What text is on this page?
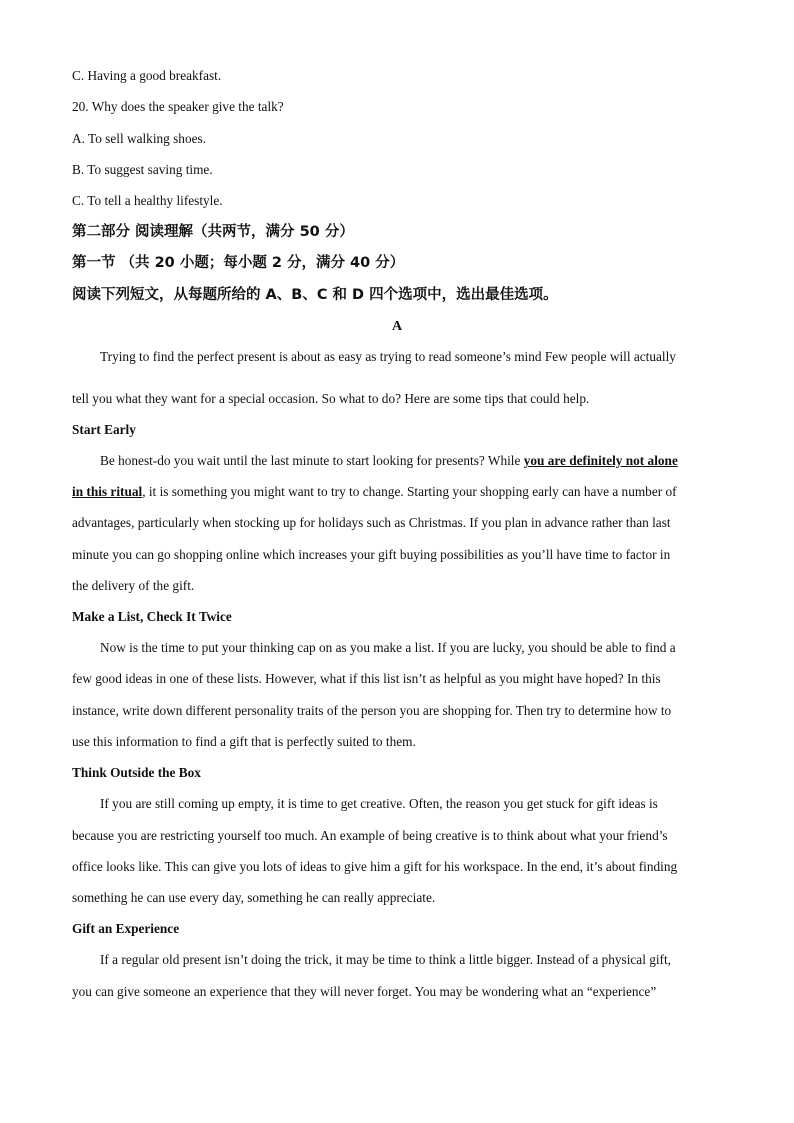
C. Having a good breakfast.
20. Why does the speaker give the talk?
A. To sell walking shoes.
B. To suggest saving time.
C. To tell a healthy lifestyle.
第二部分 阅读理解（共两节，满分 50 分）
第一节 （共 20 小题；每小题 2 分，满分 40 分）
阅读下列短文，从每题所给的 A、B、C 和 D 四个选项中，选出最佳选项。
A
Trying to find the perfect present is about as easy as trying to read someone’s mind Few people will actually
tell you what they want for a special occasion. So what to do? Here are some tips that could help.
Start Early
Be honest-do you wait until the last minute to start looking for presents? While you are definitely not alone
in this ritual, it is something you might want to try to change. Starting your shopping early can have a number of
advantages, particularly when stocking up for holidays such as Christmas. If you plan in advance rather than last
minute you can go shopping online which increases your gift buying possibilities as you’ll have time to factor in
the delivery of the gift.
Make a List, Check It Twice
Now is the time to put your thinking cap on as you make a list. If you are lucky, you should be able to find a
few good ideas in one of these lists. However, what if this list isn’t as helpful as you might have hoped? In this
instance, write down different personality traits of the person you are shopping for. Then try to determine how to
use this information to find a gift that is perfectly suited to them.
Think Outside the Box
If you are still coming up empty, it is time to get creative. Often, the reason you get stuck for gift ideas is
because you are restricting yourself too much. An example of being creative is to think about what your friend’s
office looks like. This can give you lots of ideas to give him a gift for his workspace. In the end, it’s about finding
something he can use every day, something he can really appreciate.
Gift an Experience
If a regular old present isn’t doing the trick, it may be time to think a little bigger. Instead of a physical gift,
you can give someone an experience that they will never forget. You may be wondering what an “experience”
